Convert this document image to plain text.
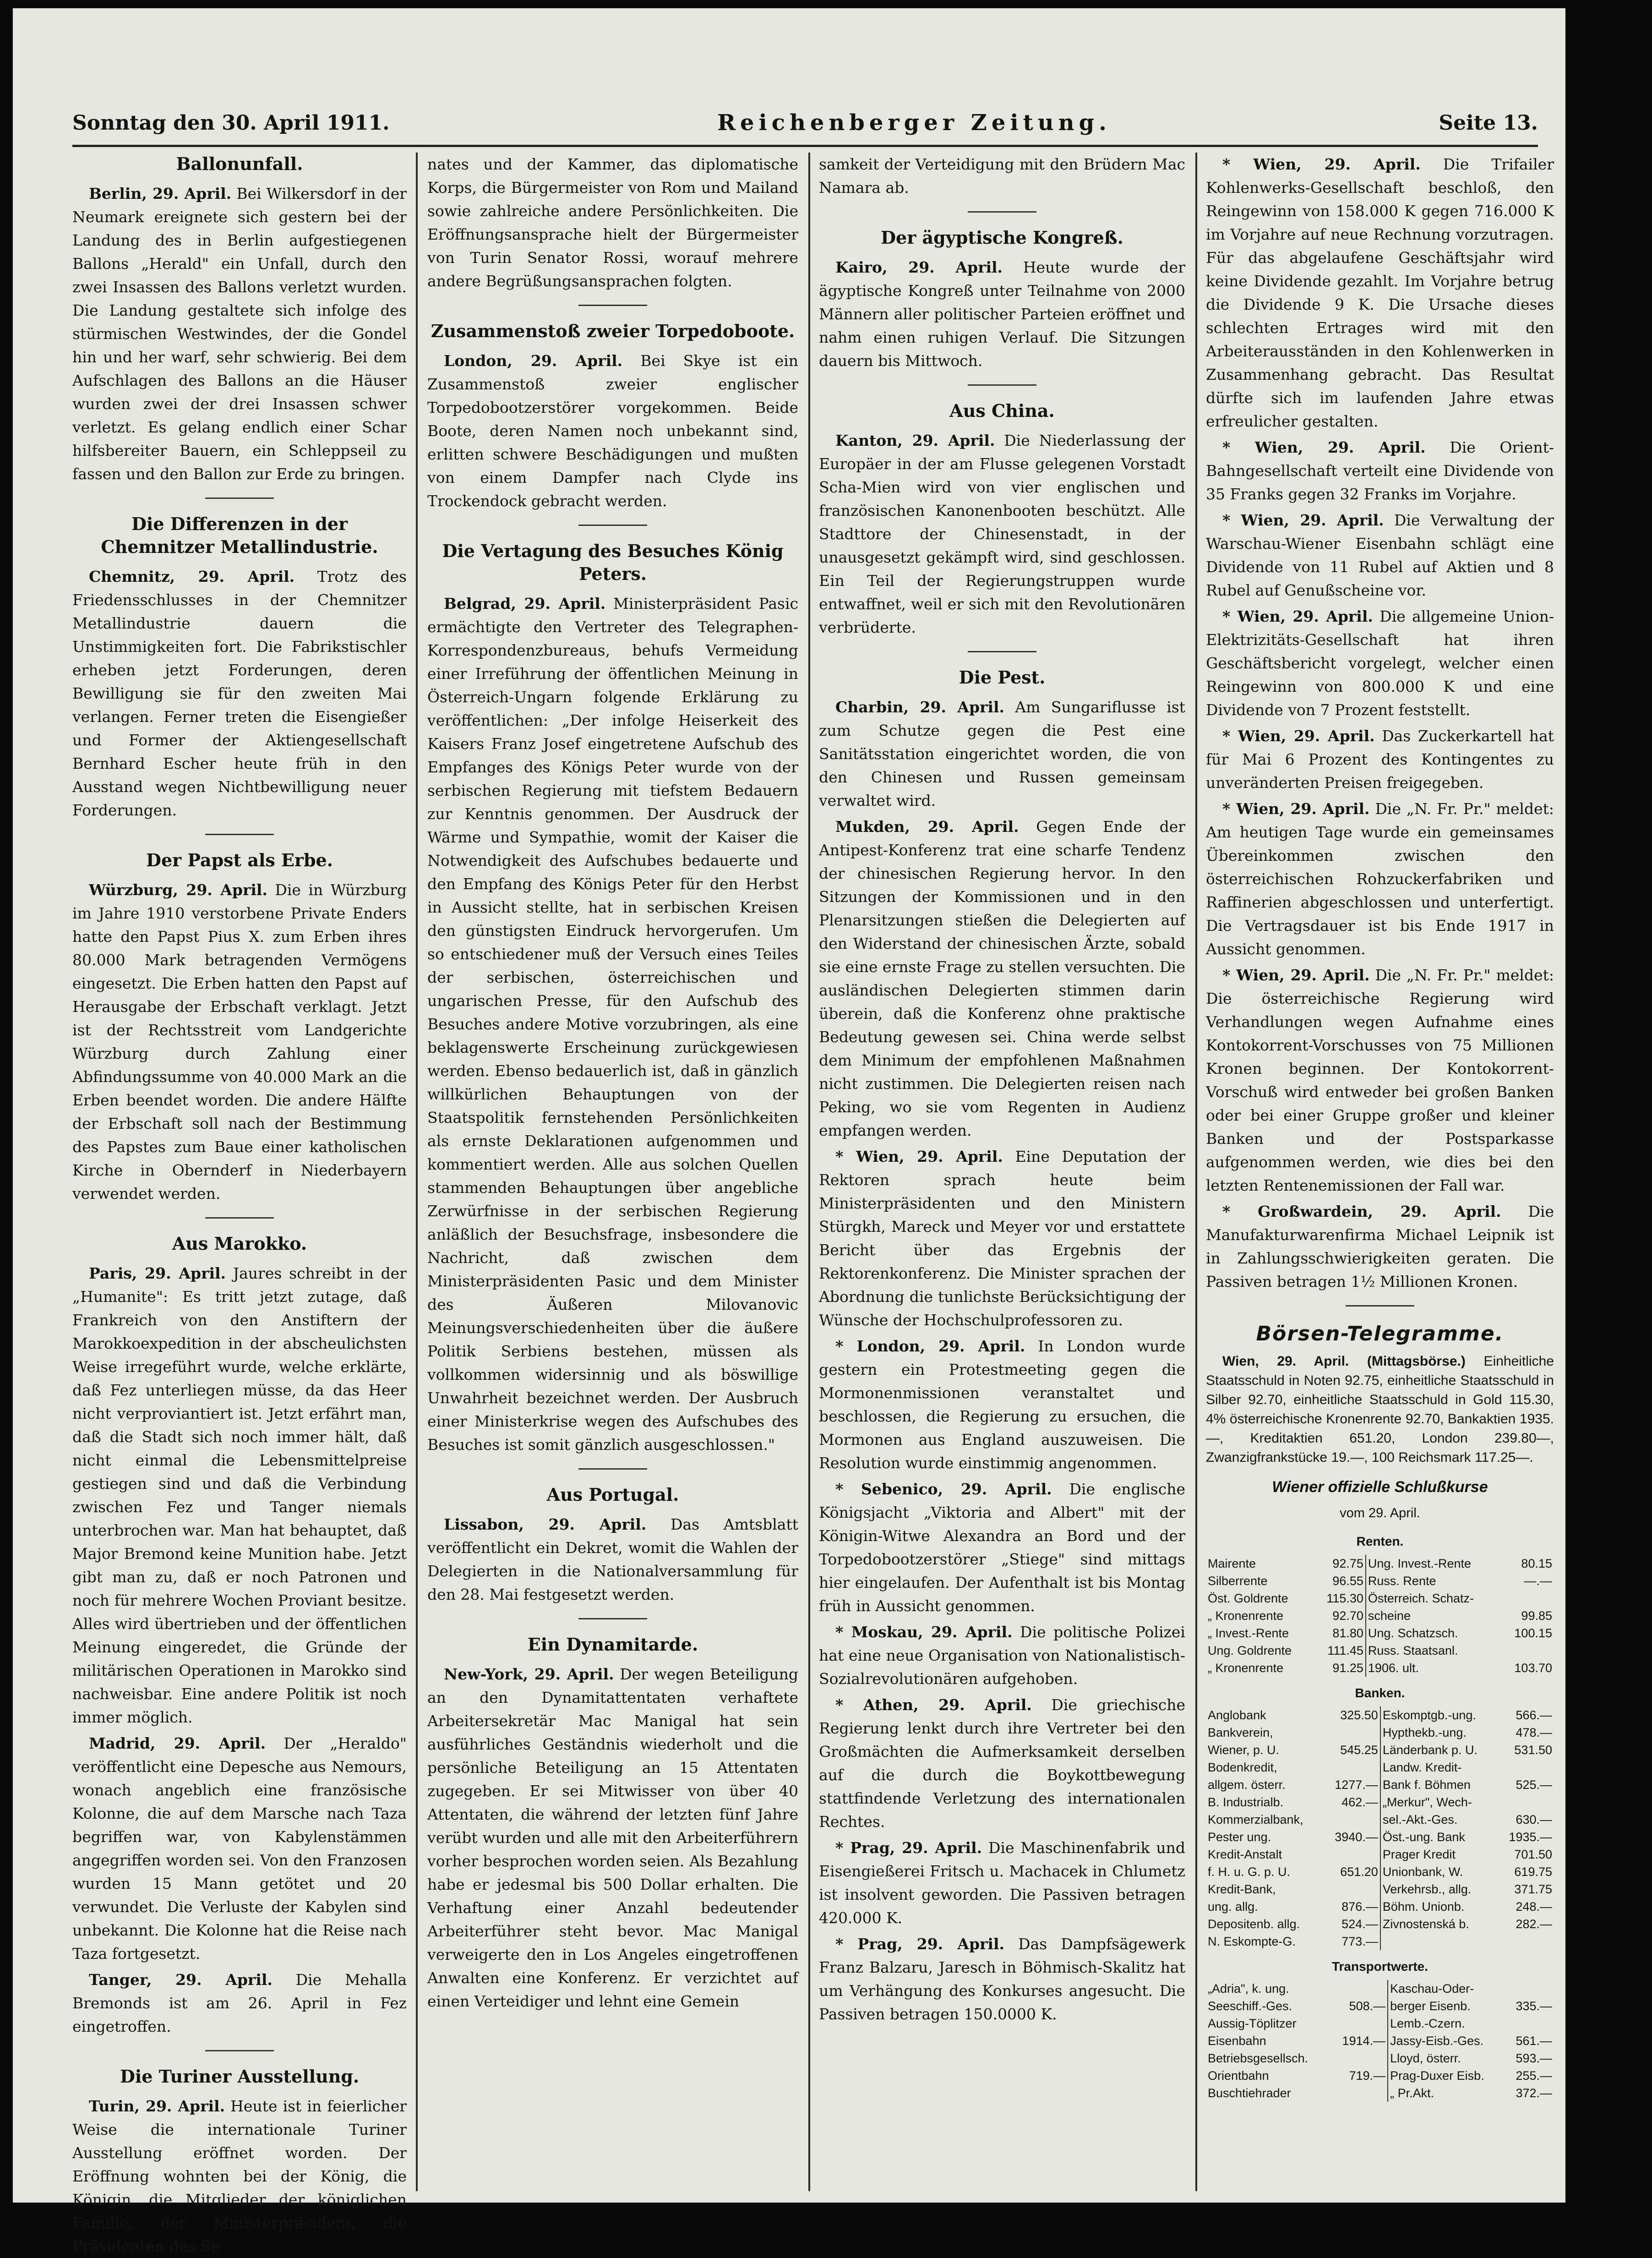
Sonntag den 30. April 1911.	Reichenberger Zeitung.	Seite 13.
Ballonunfall.

Berlin, 29. April. Bei Wilkersdorf in der Neumark ereignete sich gestern bei der Landung des in Berlin aufgestiegenen Ballons „Herald" ein Unfall, durch den zwei Insassen des Ballons verletzt wurden. Die Landung gestaltete sich infolge des stürmischen Westwindes, der die Gondel hin und her warf, sehr schwierig. Bei dem Aufschlagen des Ballons an die Häuser wurden zwei der drei Insassen schwer verletzt. Es gelang endlich einer Schar hilfsbereiter Bauern, ein Schleppseil zu fassen und den Ballon zur Erde zu bringen.

Die Differenzen in der Chemnitzer Metallindustrie.

Chemnitz, 29. April. Trotz des Friedensschlusses in der Chemnitzer Metallindustrie dauern die Unstimmigkeiten fort. Die Fabrikstischler erheben jetzt Forderungen, deren Bewilligung sie für den zweiten Mai verlangen. Ferner treten die Eisengießer und Former der Aktiengesellschaft Bernhard Escher heute früh in den Ausstand wegen Nichtbewilligung neuer Forderungen.

Der Papst als Erbe.

Würzburg, 29. April. Die in Würzburg im Jahre 1910 verstorbene Private Enders hatte den Papst Pius X. zum Erben ihres 80.000 Mark betragenden Vermögens eingesetzt. Die Erben hatten den Papst auf Herausgabe der Erbschaft verklagt. Jetzt ist der Rechtsstreit vom Landgerichte Würzburg durch Zahlung einer Abfindungssumme von 40.000 Mark an die Erben beendet worden. Die andere Hälfte der Erbschaft soll nach der Bestimmung des Papstes zum Baue einer katholischen Kirche in Obernderf in Niederbayern verwendet werden.

Aus Marokko.

Paris, 29. April. Jaures schreibt in der „Humanite": Es tritt jetzt zutage, daß Frankreich von den Anstiftern der Marokkoexpedition in der abscheulichsten Weise irregeführt wurde, welche erklärte, daß Fez unterliegen müsse, da das Heer nicht verproviantiert ist. Jetzt erfährt man, daß die Stadt sich noch immer hält, daß nicht einmal die Lebensmittelpreise gestiegen sind und daß die Verbindung zwischen Fez und Tanger niemals unterbrochen war. Man hat behauptet, daß Major Bremond keine Munition habe. Jetzt gibt man zu, daß er noch Patronen und noch für mehrere Wochen Proviant besitze. Alles wird übertrieben und der öffentlichen Meinung eingeredet, die Gründe der militärischen Operationen in Marokko sind nachweisbar. Eine andere Politik ist noch immer möglich.

Madrid, 29. April. Der „Heraldo" veröffentlicht eine Depesche aus Nemours, wonach angeblich eine französische Kolonne, die auf dem Marsche nach Taza begriffen war, von Kabylenstämmen angegriffen worden sei. Von den Franzosen wurden 15 Mann getötet und 20 verwundet. Die Verluste der Kabylen sind unbekannt. Die Kolonne hat die Reise nach Taza fortgesetzt.

Tanger, 29. April. Die Mehalla Bremonds ist am 26. April in Fez eingetroffen.

Die Turiner Ausstellung.

Turin, 29. April. Heute ist in feierlicher Weise die internationale Turiner Ausstellung eröffnet worden. Der Eröffnung wohnten bei der König, die Königin, die Mitglieder der königlichen Familie, der Ministerpräsident, die Präsidenten des Se

nates und der Kammer, das diplomatische Korps, die Bürgermeister von Rom und Mailand sowie zahlreiche andere Persönlichkeiten. Die Eröffnungsansprache hielt der Bürgermeister von Turin Senator Rossi, worauf mehrere andere Begrüßungsansprachen folgten.

Zusammenstoß zweier Torpedoboote.

London, 29. April. Bei Skye ist ein Zusammenstoß zweier englischer Torpedobootzerstörer vorgekommen. Beide Boote, deren Namen noch unbekannt sind, erlitten schwere Beschädigungen und mußten von einem Dampfer nach Clyde ins Trockendock gebracht werden.

Die Vertagung des Besuches König Peters.

Belgrad, 29. April. Ministerpräsident Pasic ermächtigte den Vertreter des Telegraphen-Korrespondenzbureaus, behufs Vermeidung einer Irreführung der öffentlichen Meinung in Österreich-Ungarn folgende Erklärung zu veröffentlichen: „Der infolge Heiserkeit des Kaisers Franz Josef eingetretene Aufschub des Empfanges des Königs Peter wurde von der serbischen Regierung mit tiefstem Bedauern zur Kenntnis genommen. Der Ausdruck der Wärme und Sympathie, womit der Kaiser die Notwendigkeit des Aufschubes bedauerte und den Empfang des Königs Peter für den Herbst in Aussicht stellte, hat in serbischen Kreisen den günstigsten Eindruck hervorgerufen. Um so entschiedener muß der Versuch eines Teiles der serbischen, österreichischen und ungarischen Presse, für den Aufschub des Besuches andere Motive vorzubringen, als eine beklagenswerte Erscheinung zurückgewiesen werden. Ebenso bedauerlich ist, daß in gänzlich willkürlichen Behauptungen von der Staatspolitik fernstehenden Persönlichkeiten als ernste Deklarationen aufgenommen und kommentiert werden. Alle aus solchen Quellen stammenden Behauptungen über angebliche Zerwürfnisse in der serbischen Regierung anläßlich der Besuchsfrage, insbesondere die Nachricht, daß zwischen dem Ministerpräsidenten Pasic und dem Minister des Äußeren Milovanovic Meinungsverschiedenheiten über die äußere Politik Serbiens bestehen, müssen als vollkommen widersinnig und als böswillige Unwahrheit bezeichnet werden. Der Ausbruch einer Ministerkrise wegen des Aufschubes des Besuches ist somit gänzlich ausgeschlossen."

Aus Portugal.

Lissabon, 29. April. Das Amtsblatt veröffentlicht ein Dekret, womit die Wahlen der Delegierten in die Nationalversammlung für den 28. Mai festgesetzt werden.

Ein Dynamitarde.

New-York, 29. April. Der wegen Beteiligung an den Dynamitattentaten verhaftete Arbeitersekretär Mac Manigal hat sein ausführliches Geständnis wiederholt und die persönliche Beteiligung an 15 Attentaten zugegeben. Er sei Mitwisser von über 40 Attentaten, die während der letzten fünf Jahre verübt wurden und alle mit den Arbeiterführern vorher besprochen worden seien. Als Bezahlung habe er jedesmal bis 500 Dollar erhalten. Die Verhaftung einer Anzahl bedeutender Arbeiterführer steht bevor. Mac Manigal verweigerte den in Los Angeles eingetroffenen Anwalten eine Konferenz. Er verzichtet auf einen Verteidiger und lehnt eine Gemein

samkeit der Verteidigung mit den Brüdern Mac Namara ab.

Der ägyptische Kongreß.

Kairo, 29. April. Heute wurde der ägyptische Kongreß unter Teilnahme von 2000 Männern aller politischer Parteien eröffnet und nahm einen ruhigen Verlauf. Die Sitzungen dauern bis Mittwoch.

Aus China.

Kanton, 29. April. Die Niederlassung der Europäer in der am Flusse gelegenen Vorstadt Scha-Mien wird von vier englischen und französischen Kanonenbooten beschützt. Alle Stadttore der Chinesenstadt, in der unausgesetzt gekämpft wird, sind geschlossen. Ein Teil der Regierungstruppen wurde entwaffnet, weil er sich mit den Revolutionären verbrüderte.

Die Pest.

Charbin, 29. April. Am Sungariflusse ist zum Schutze gegen die Pest eine Sanitätsstation eingerichtet worden, die von den Chinesen und Russen gemeinsam verwaltet wird.

Mukden, 29. April. Gegen Ende der Antipest-Konferenz trat eine scharfe Tendenz der chinesischen Regierung hervor. In den Sitzungen der Kommissionen und in den Plenarsitzungen stießen die Delegierten auf den Widerstand der chinesischen Ärzte, sobald sie eine ernste Frage zu stellen versuchten. Die ausländischen Delegierten stimmen darin überein, daß die Konferenz ohne praktische Bedeutung gewesen sei. China werde selbst dem Minimum der empfohlenen Maßnahmen nicht zustimmen. Die Delegierten reisen nach Peking, wo sie vom Regenten in Audienz empfangen werden.

* Wien, 29. April. Eine Deputation der Rektoren sprach heute beim Ministerpräsidenten und den Ministern Stürgkh, Mareck und Meyer vor und erstattete Bericht über das Ergebnis der Rektorenkonferenz. Die Minister sprachen der Abordnung die tunlichste Berücksichtigung der Wünsche der Hochschulprofessoren zu.

* London, 29. April. In London wurde gestern ein Protestmeeting gegen die Mormonenmissionen veranstaltet und beschlossen, die Regierung zu ersuchen, die Mormonen aus England auszuweisen. Die Resolution wurde einstimmig angenommen.

* Sebenico, 29. April. Die englische Königsjacht „Viktoria and Albert" mit der Königin-Witwe Alexandra an Bord und der Torpedobootzerstörer „Stiege" sind mittags hier eingelaufen. Der Aufenthalt ist bis Montag früh in Aussicht genommen.

* Moskau, 29. April. Die politische Polizei hat eine neue Organisation von Nationalistisch-Sozialrevolutionären aufgehoben.

* Athen, 29. April. Die griechische Regierung lenkt durch ihre Vertreter bei den Großmächten die Aufmerksamkeit derselben auf die durch die Boykottbewegung stattfindende Verletzung des internationalen Rechtes.

* Prag, 29. April. Die Maschinenfabrik und Eisengießerei Fritsch u. Machacek in Chlumetz ist insolvent geworden. Die Passiven betragen 420.000 K.

* Prag, 29. April. Das Dampfsägewerk Franz Balzaru, Jaresch in Böhmisch-Skalitz hat um Verhängung des Konkurses angesucht. Die Passiven betragen 150.0000 K.

* Wien, 29. April. Die Trifailer Kohlenwerks-Gesellschaft beschloß, den Reingewinn von 158.000 K gegen 716.000 K im Vorjahre auf neue Rechnung vorzutragen. Für das abgelaufene Geschäftsjahr wird keine Dividende gezahlt. Im Vorjahre betrug die Dividende 9 K. Die Ursache dieses schlechten Ertrages wird mit den Arbeiterausständen in den Kohlenwerken in Zusammenhang gebracht. Das Resultat dürfte sich im laufenden Jahre etwas erfreulicher gestalten.

* Wien, 29. April. Die Orient-Bahngesellschaft verteilt eine Dividende von 35 Franks gegen 32 Franks im Vorjahre.

* Wien, 29. April. Die Verwaltung der Warschau-Wiener Eisenbahn schlägt eine Dividende von 11 Rubel auf Aktien und 8 Rubel auf Genußscheine vor.

* Wien, 29. April. Die allgemeine Union-Elektrizitäts-Gesellschaft hat ihren Geschäftsbericht vorgelegt, welcher einen Reingewinn von 800.000 K und eine Dividende von 7 Prozent feststellt.

* Wien, 29. April. Das Zuckerkartell hat für Mai 6 Prozent des Kontingentes zu unveränderten Preisen freigegeben.

* Wien, 29. April. Die „N. Fr. Pr." meldet: Am heutigen Tage wurde ein gemeinsames Übereinkommen zwischen den österreichischen Rohzuckerfabriken und Raffinerien abgeschlossen und unterfertigt. Die Vertragsdauer ist bis Ende 1917 in Aussicht genommen.

* Wien, 29. April. Die „N. Fr. Pr." meldet: Die österreichische Regierung wird Verhandlungen wegen Aufnahme eines Kontokorrent-Vorschusses von 75 Millionen Kronen beginnen. Der Kontokorrent-Vorschuß wird entweder bei großen Banken oder bei einer Gruppe großer und kleiner Banken und der Postsparkasse aufgenommen werden, wie dies bei den letzten Rentenemissionen der Fall war.

* Großwardein, 29. April. Die Manufakturwarenfirma Michael Leipnik ist in Zahlungsschwierigkeiten geraten. Die Passiven betragen 1½ Millionen Kronen.

Börsen-Telegramme.

Wien, 29. April. (Mittagsbörse.) Einheitliche Staatsschuld in Noten 92.75, einheitliche Staatsschuld in Silber 92.70, einheitliche Staatsschuld in Gold 115.30, 4% österreichische Kronenrente 92.70, Bankaktien 1935.—, Kreditaktien 651.20, London 239.80—, Zwanzigfrankstücke 19.—, 100 Reichsmark 117.25—.

Wiener offizielle Schlußkurse
vom 29. April.
Renten.
Mairente	92.75	Ung. Invest.-Rente	80.15
Silberrente	96.55	Russ. Rente	—.—
Öst. Goldrente	115.30	Österreich. Schatz-	
„ Kronenrente	92.70	scheine	99.85
„ Invest.-Rente	81.80	Ung. Schatzsch.	100.15
Ung. Goldrente	111.45	Russ. Staatsanl.	
„ Kronenrente	91.25	1906. ult.	103.70
Banken.
Anglobank	325.50	Eskomptgb.-ung.	566.—
Bankverein,		Hypthekb.-ung.	478.—
Wiener, p. U.	545.25	Länderbank p. U.	531.50
Bodenkredit,		Landw. Kredit-	
allgem. österr.	1277.—	Bank f. Böhmen	525.—
B. Industrialb.	462.—	„Merkur", Wech-	
Kommerzialbank,		sel.-Akt.-Ges.	630.—
Pester ung.	3940.—	Öst.-ung. Bank	1935.—
Kredit-Anstalt		Prager Kredit	701.50
f. H. u. G. p. U.	651.20	Unionbank, W.	619.75
Kredit-Bank,		Verkehrsb., allg.	371.75
ung. allg.	876.—	Böhm. Unionb.	248.—
Depositenb. allg.	524.—	Zivnostenská b.	282.—
N. Eskompte-G.	773.—		
Transportwerte.
„Adria", k. ung.		Kaschau-Oder-	
Seeschiff.-Ges.	508.—	berger Eisenb.	335.—
Aussig-Töplitzer		Lemb.-Czern.	
Eisenbahn	1914.—	Jassy-Eisb.-Ges.	561.—
Betriebsgesellsch.		Lloyd, österr.	593.—
Orientbahn	719.—	Prag-Duxer Eisb.	255.—
Buschtiehrader		„ Pr.Akt.	372.—
